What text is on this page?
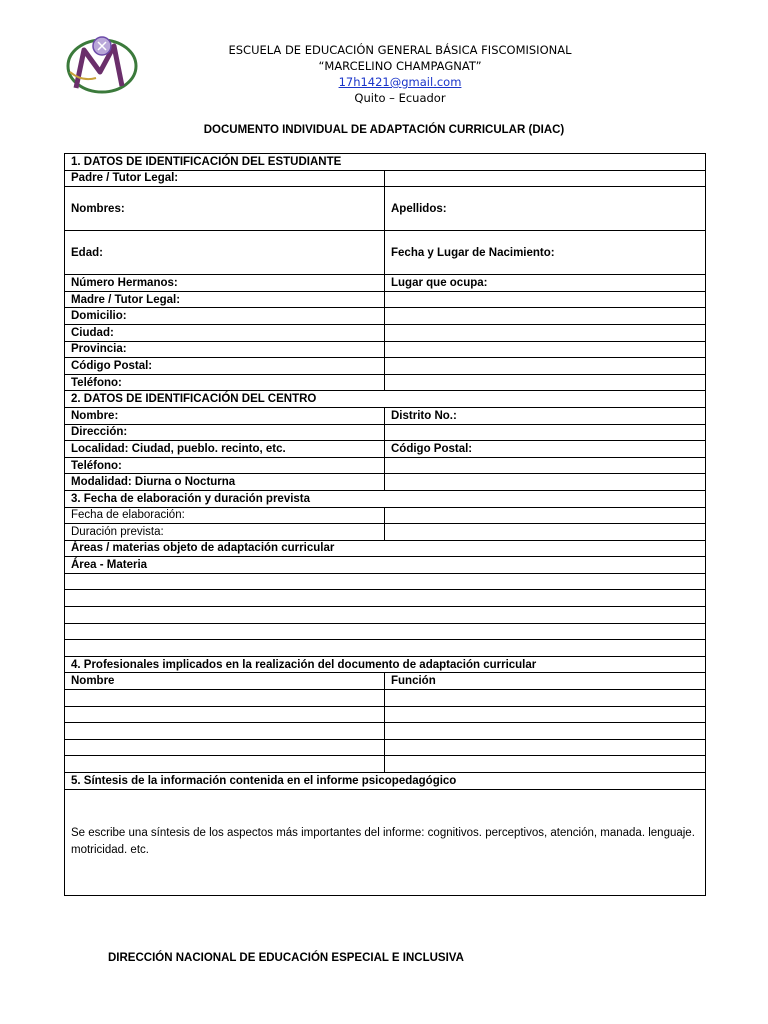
ESCUELA DE EDUCACIÓN GENERAL BÁSICA FISCOMISIONAL
“MARCELINO CHAMPAGNAT”
17h1421@gmail.com
Quito – Ecuador
DOCUMENTO INDIVIDUAL DE ADAPTACIÓN CURRICULAR (DIAC)
1. DATOS DE IDENTIFICACIÓN DEL ESTUDIANTE	
Padre / Tutor Legal:	
Nombres:	Apellidos:
Edad:	Fecha y Lugar de Nacimiento:
Número Hermanos:	Lugar que ocupa:
Madre / Tutor Legal:	
Domicilio:	
Ciudad:	
Provincia:	
Código Postal:	
Teléfono:	
2. DATOS DE IDENTIFICACIÓN DEL CENTRO	
Nombre:	Distrito No.:
Dirección:	
Localidad: Ciudad, pueblo. recinto, etc.	Código Postal:
Teléfono:	
Modalidad: Diurna o Nocturna	
3. Fecha de elaboración y duración prevista	
Fecha de elaboración:	
Duración prevista:	
Áreas / materias objeto de adaptación curricular	
Área - Materia	

4. Profesionales implicados en la realización del documento de adaptación curricular	
Nombre	Función

5. Síntesis de la información contenida en el informe psicopedagógico	
Se escribe una síntesis de los aspectos más importantes del informe: cognitivos. perceptivos, atención, manada. lenguaje. motricidad. etc.	
DIRECCIÓN NACIONAL DE EDUCACIÓN ESPECIAL E INCLUSIVA
